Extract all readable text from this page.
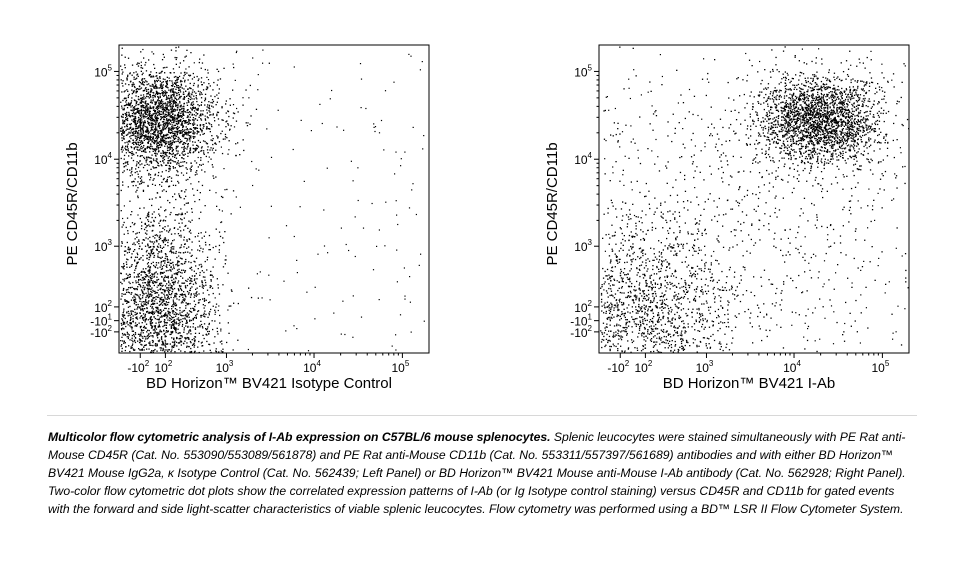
$-10^2$ $10^2$	$10^3$	$10^4$	$10^5$
$-10^2$
$-10^1$
$10^2$
$10^3$
$10^4$
$10^5$
BD Horizon™ BV421 Isotype Control
PE CD45R/CD11b
$-10^2$ $10^2$	$10^3$	$10^4$	$10^5$
$-10^2$
$-10^1$
$10^2$
$10^3$
$10^4$
$10^5$
BD Horizon™ BV421 I-Ab
PE CD45R/CD11b
Multicolor flow cytometric analysis of I-Ab expression on C57BL/6 mouse splenocytes. Splenic leucocytes were stained simultaneously with PE Rat anti-Mouse CD45R (Cat. No. 553090/553089/561878) and PE Rat anti-Mouse CD11b (Cat. No. 553311/557397/561689) antibodies and with either BD Horizon™ BV421 Mouse IgG2a, κ Isotype Control (Cat. No. 562439; Left Panel) or BD Horizon™ BV421 Mouse anti-Mouse I-Ab antibody (Cat. No. 562928; Right Panel). Two-color flow cytometric dot plots show the correlated expression patterns of I-Ab (or Ig Isotype control staining) versus CD45R and CD11b for gated events with the forward and side light-scatter characteristics of viable splenic leucocytes. Flow cytometry was performed using a BD™ LSR II Flow Cytometer System.
